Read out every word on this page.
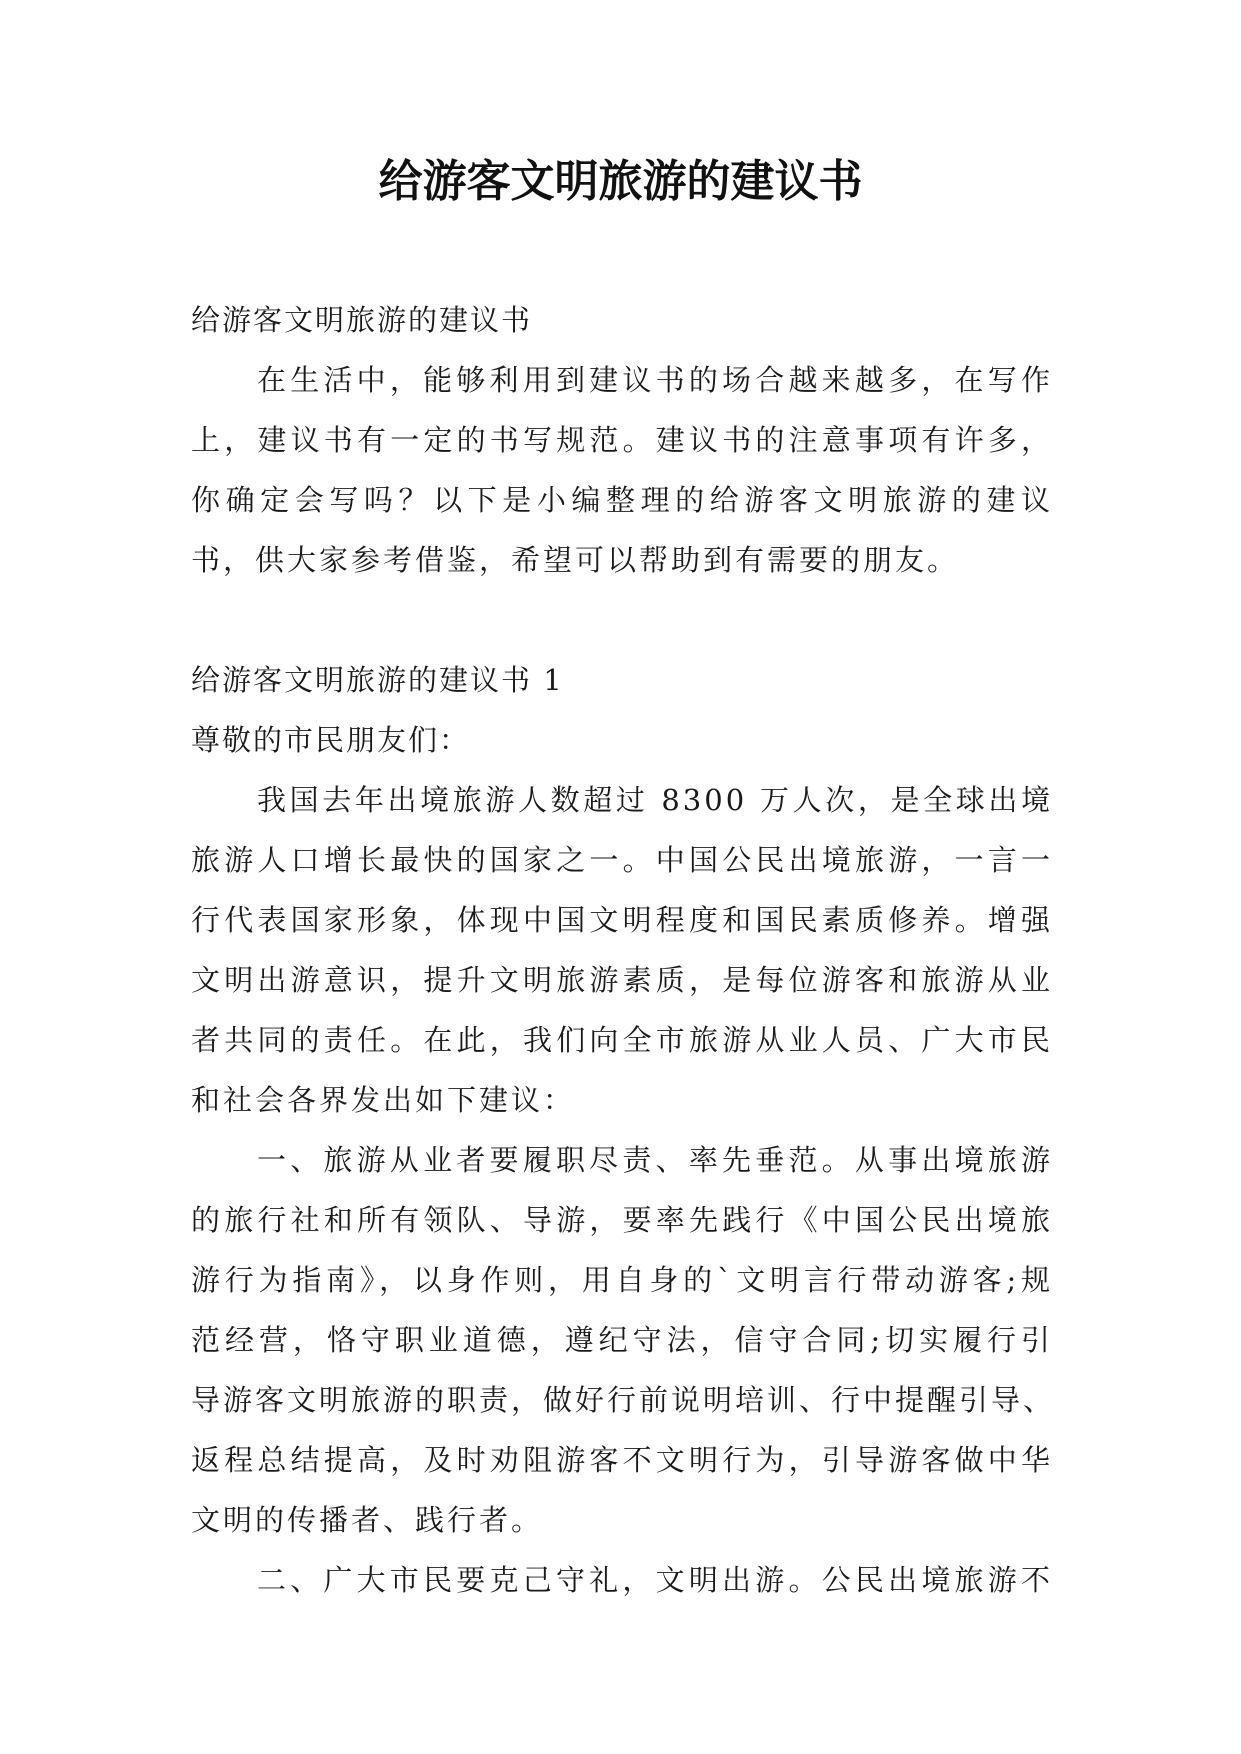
给游客文明旅游的建议书

给游客文明旅游的建议书

在生活中，能够利用到建议书的场合越来越多，在写作

上，建议书有一定的书写规范。建议书的注意事项有许多，

你确定会写吗？以下是小编整理的给游客文明旅游的建议

书，供大家参考借鉴，希望可以帮助到有需要的朋友。

给游客文明旅游的建议书 1

尊敬的市民朋友们：

我国去年出境旅游人数超过 8300 万人次，是全球出境

旅游人口增长最快的国家之一。中国公民出境旅游，一言一

行代表国家形象，体现中国文明程度和国民素质修养。增强

文明出游意识，提升文明旅游素质，是每位游客和旅游从业

者共同的责任。在此，我们向全市旅游从业人员、广大市民

和社会各界发出如下建议：

一、旅游从业者要履职尽责、率先垂范。从事出境旅游

的旅行社和所有领队、导游，要率先践行《中国公民出境旅

游行为指南》，以身作则，用自身的`文明言行带动游客;规

范经营，恪守职业道德，遵纪守法，信守合同;切实履行引

导游客文明旅游的职责，做好行前说明培训、行中提醒引导、

返程总结提高，及时劝阻游客不文明行为，引导游客做中华

文明的传播者、践行者。

二、广大市民要克己守礼，文明出游。公民出境旅游不
